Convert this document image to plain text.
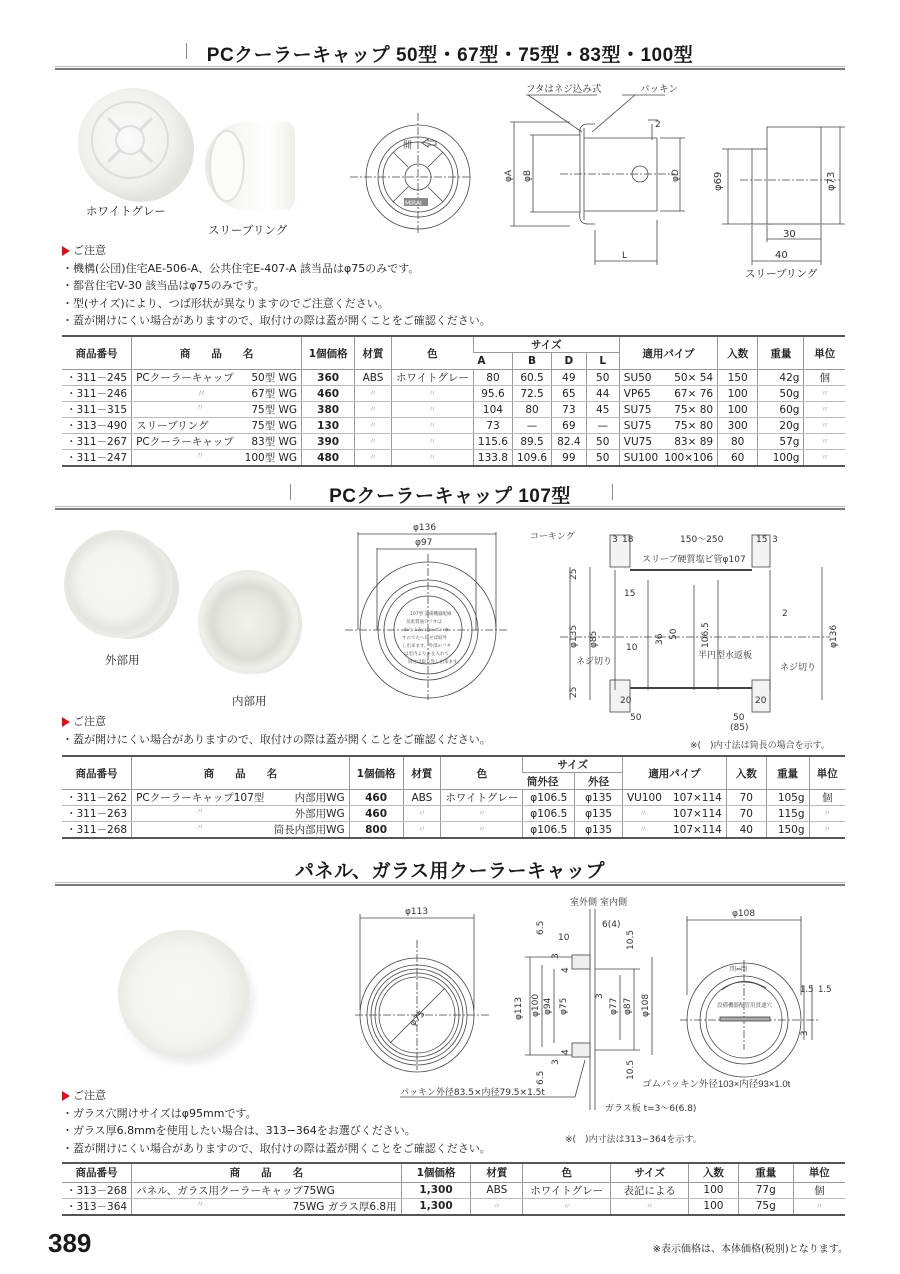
PCクーラーキャップ 50型・67型・75型・83型・100型
ホワイトグレー
スリーブリング
開
MIRAI
フタはネジ込み式	パッキン
2
φA φB	φD
L
φ69	φ73
30
40
スリーブリング
ご注意
・機構(公団)住宅AE-506-A、公共住宅E-407-A 該当品はφ75のみです。
・都営住宅V-30 該当品はφ75のみです。
・型(サイズ)により、つば形状が異なりますのでご注意ください。
・蓋が開けにくい場合がありますので、取付けの際は蓋が開くことをご確認ください。
商品番号	商　　品　　名	1個価格	材質	色	サイズ				適用パイプ	入数	重量	単位
					A	B	D	L				
・311－245	PCクーラーキャップ 50型 WG	360	ABS	ホワイトグレー	80	60.5	49	50	SU50 50× 54	150	42g	個
・311－246	〃 67型 WG	460	〃	〃	95.6	72.5	65	44	VP65 67× 76	100	50g	〃
・311－315	〃 75型 WG	380	〃	〃	104	80	73	45	SU75 75× 80	100	60g	〃
・313－490	スリーブリング 75型 WG	130	〃	〃	73	—	69	—	SU75 75× 80	300	20g	〃
・311－267	PCクーラーキャップ 83型 WG	390	〃	〃	115.6	89.5	82.4	50	VU75 83× 89	80	57g	〃
・311－247	〃 100型 WG	480	〃	〃	133.8	109.6	99	50	SU100 100×106	60	100g	〃
PCクーラーキャップ 107型
外部用
内部用
φ136
φ97
107型 設備機器配線
気密貫通穴フタは
ねじこみになっていま
すので左へ回せば取外
し出来ます。外部のフタ
は室内よりキを入れて
回せば取り外し出来ます。
コーキング	3 18	150〜250	15 3
スリーブ硬質塩ビ管φ107
25
15
φ135 φ85	36 50 106.5
2
φ136
10
半円型水返板
ネジ切り
ネジ切り
25
20	20
50	50
(85)
ご注意
・蓋が開けにくい場合がありますので、取付けの際は蓋が開くことをご確認ください。
※(　)内寸法は筒長の場合を示す。
商品番号	商　　品　　名	1個価格	材質	色	サイズ		適用パイプ	入数	重量	単位
					筒外径	外径				
・311－262	PCクーラーキャップ107型 内部用WG	460	ABS	ホワイトグレー	φ106.5	φ135	VU100 107×114	70	105g	個
・311－263	〃 外部用WG	460	〃	〃	φ106.5	φ135	〃 107×114	70	115g	〃
・311－268	〃 筒長内部用WG	800	〃	〃	φ106.5	φ135	〃 107×114	40	150g	〃
パネル、ガラス用クーラーキャップ
φ113
φ75
室外側 室内側
6.5
10
6(4)
10.5
3
4
φ113 φ100 φ94 φ75
3
φ77 φ87 φ108
4
3
6.5	10.5
パッキン外径83.5×内径79.5×1.5t
ガラス板 t=3〜6(6.8)
ゴムパッキン外径103×内径93×1.0t
φ108
閉⇔開
設備機器配管用貫通穴
1.5 1.5
3
ご注意
・ガラス穴開けサイズはφ95mmです。
・ガラス厚6.8mmを使用したい場合は、313−364をお選びください。
・蓋が開けにくい場合がありますので、取付けの際は蓋が開くことをご確認ください。
※(　)内寸法は313−364を示す。
商品番号	商　　品　　名	1個価格	材質	色	サイズ	入数	重量	単位
・313－268	パネル、ガラス用クーラーキャップ75WG	1,300	ABS	ホワイトグレー	表記による	100	77g	個
・313－364	〃 75WG ガラス厚6.8用	1,300	〃	〃	〃	100	75g	〃
389	※表示価格は、本体価格(税別)となります。
